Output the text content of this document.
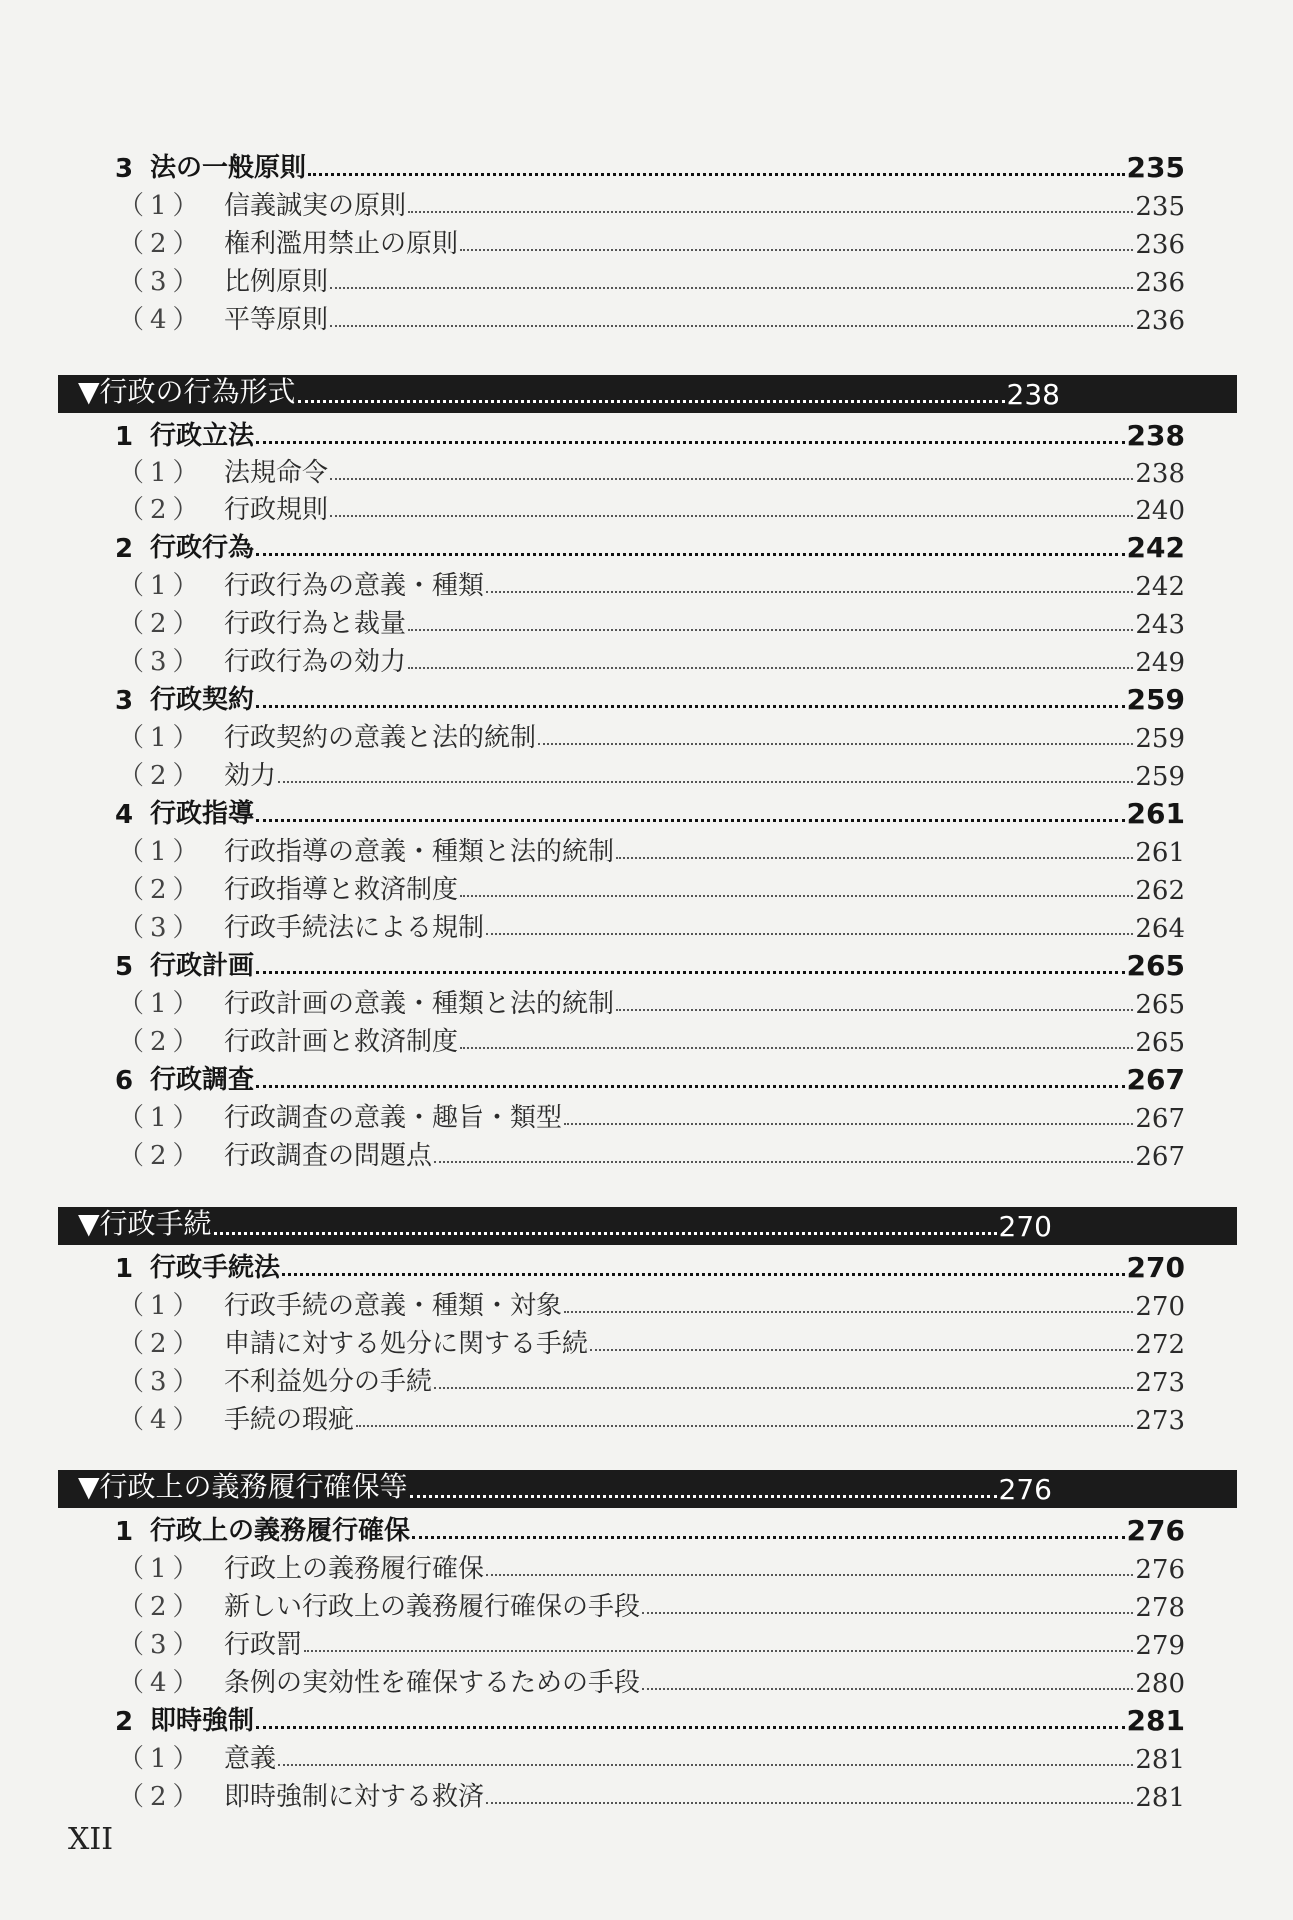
3 法の一般原則	235
（1） 信義誠実の原則	235
（2） 権利濫用禁止の原則	236
（3） 比例原則	236
（4） 平等原則	236
▼行政の行為形式	238
1 行政立法	238
（1） 法規命令	238
（2） 行政規則	240
2 行政行為	242
（1） 行政行為の意義・種類	242
（2） 行政行為と裁量	243
（3） 行政行為の効力	249
3 行政契約	259
（1） 行政契約の意義と法的統制	259
（2） 効力	259
4 行政指導	261
（1） 行政指導の意義・種類と法的統制	261
（2） 行政指導と救済制度	262
（3） 行政手続法による規制	264
5 行政計画	265
（1） 行政計画の意義・種類と法的統制	265
（2） 行政計画と救済制度	265
6 行政調査	267
（1） 行政調査の意義・趣旨・類型	267
（2） 行政調査の問題点	267
▼行政手続	270
1 行政手続法	270
（1） 行政手続の意義・種類・対象	270
（2） 申請に対する処分に関する手続	272
（3） 不利益処分の手続	273
（4） 手続の瑕疵	273
▼行政上の義務履行確保等	276
1 行政上の義務履行確保	276
（1） 行政上の義務履行確保	276
（2） 新しい行政上の義務履行確保の手段	278
（3） 行政罰	279
（4） 条例の実効性を確保するための手段	280
2 即時強制	281
（1） 意義	281
（2） 即時強制に対する救済	281
XII
